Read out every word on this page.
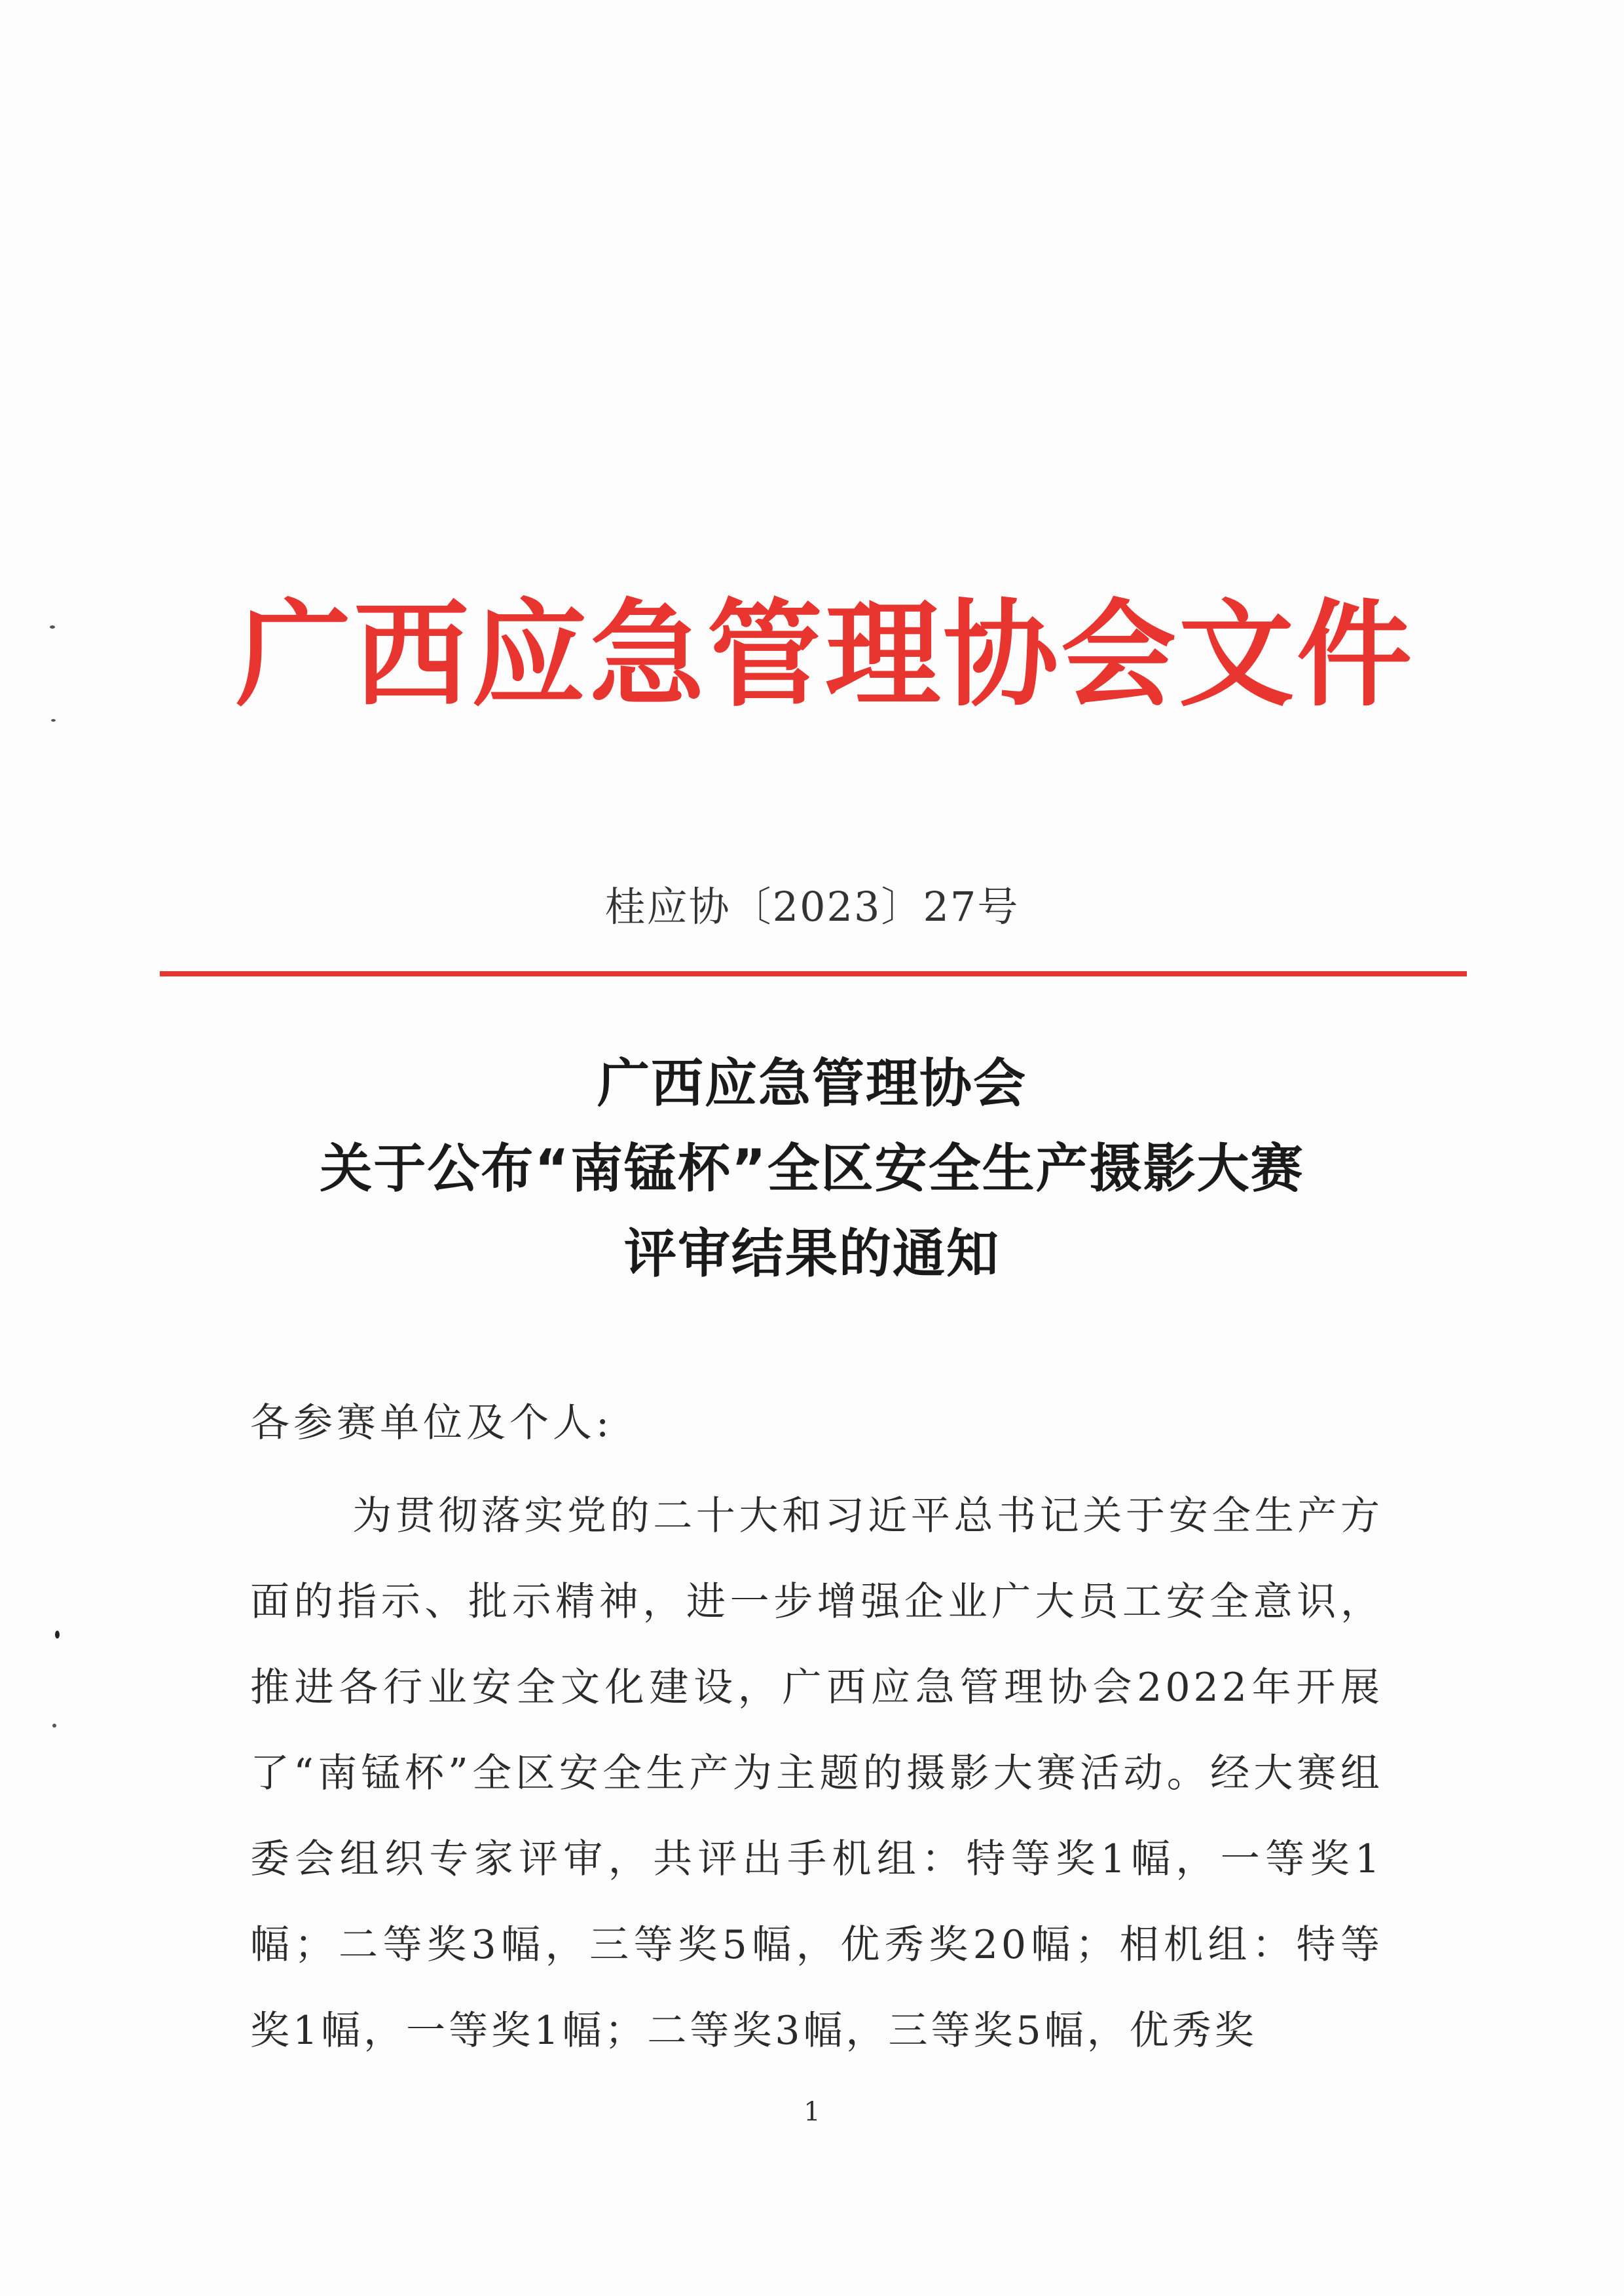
广西应急管理协会文件
桂应协〔2023〕27号
广西应急管理协会
关于公布“南锰杯”全区安全生产摄影大赛
评审结果的通知
各参赛单位及个人:
为贯彻落实党的二十大和习近平总书记关于安全生产方面的指示、批示精神，进一步增强企业广大员工安全意识，推进各行业安全文化建设，广西应急管理协会2022年开展了“南锰杯”全区安全生产为主题的摄影大赛活动。经大赛组委会组织专家评审，共评出手机组：特等奖1幅，一等奖1幅；二等奖3幅，三等奖5幅，优秀奖20幅；相机组：特等奖1幅，一等奖1幅；二等奖3幅，三等奖5幅，优秀奖
1
